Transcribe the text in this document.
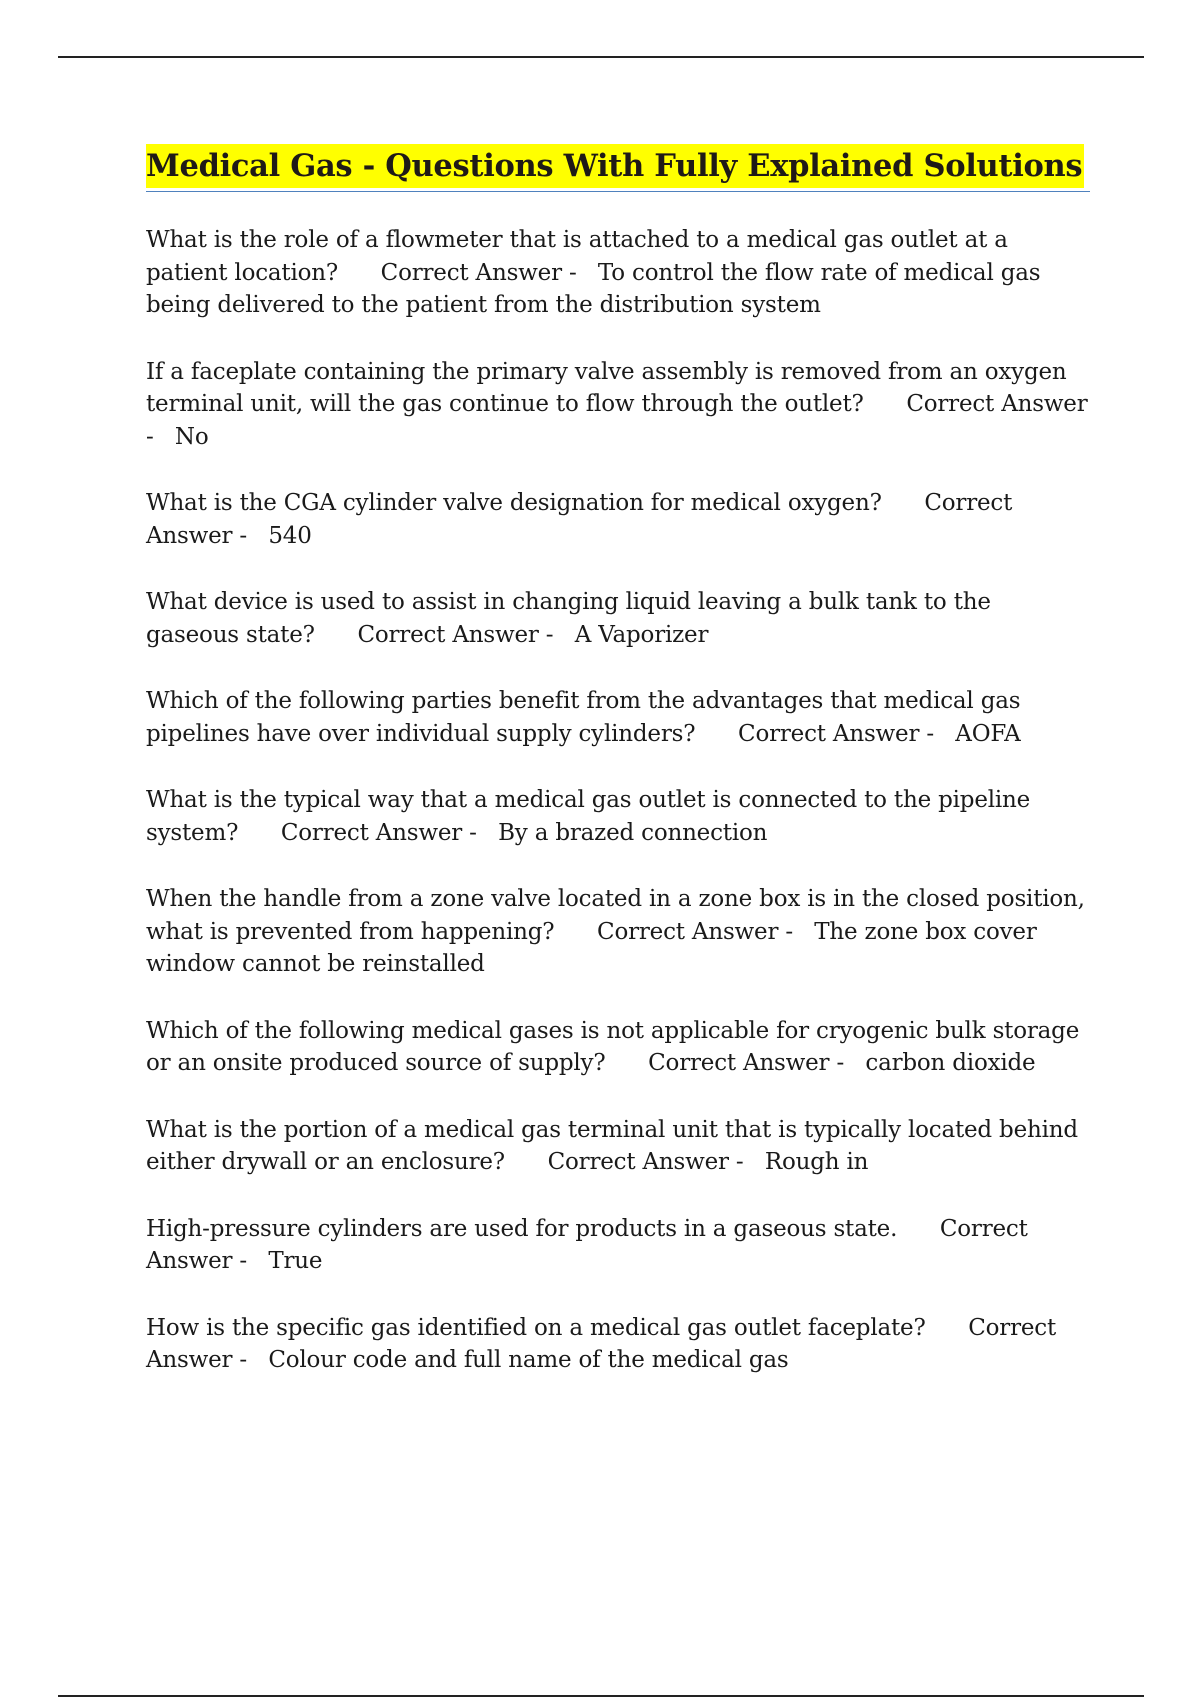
Medical Gas - Questions With Fully Explained Solutions

What is the role of a flowmeter that is attached to a medical gas outlet at a patient location? Correct Answer - To control the flow rate of medical gas being delivered to the patient from the distribution system

If a faceplate containing the primary valve assembly is removed from an oxygen terminal unit, will the gas continue to flow through the outlet? Correct Answer - No

What is the CGA cylinder valve designation for medical oxygen? Correct Answer - 540

What device is used to assist in changing liquid leaving a bulk tank to the gaseous state? Correct Answer - A Vaporizer

Which of the following parties benefit from the advantages that medical gas pipelines have over individual supply cylinders? Correct Answer - AOFA

What is the typical way that a medical gas outlet is connected to the pipeline system? Correct Answer - By a brazed connection

When the handle from a zone valve located in a zone box is in the closed position, what is prevented from happening? Correct Answer - The zone box cover window cannot be reinstalled

Which of the following medical gases is not applicable for cryogenic bulk storage or an onsite produced source of supply? Correct Answer - carbon dioxide

What is the portion of a medical gas terminal unit that is typically located behind either drywall or an enclosure? Correct Answer - Rough in

High-pressure cylinders are used for products in a gaseous state. Correct Answer - True

How is the specific gas identified on a medical gas outlet faceplate? Correct Answer - Colour code and full name of the medical gas
